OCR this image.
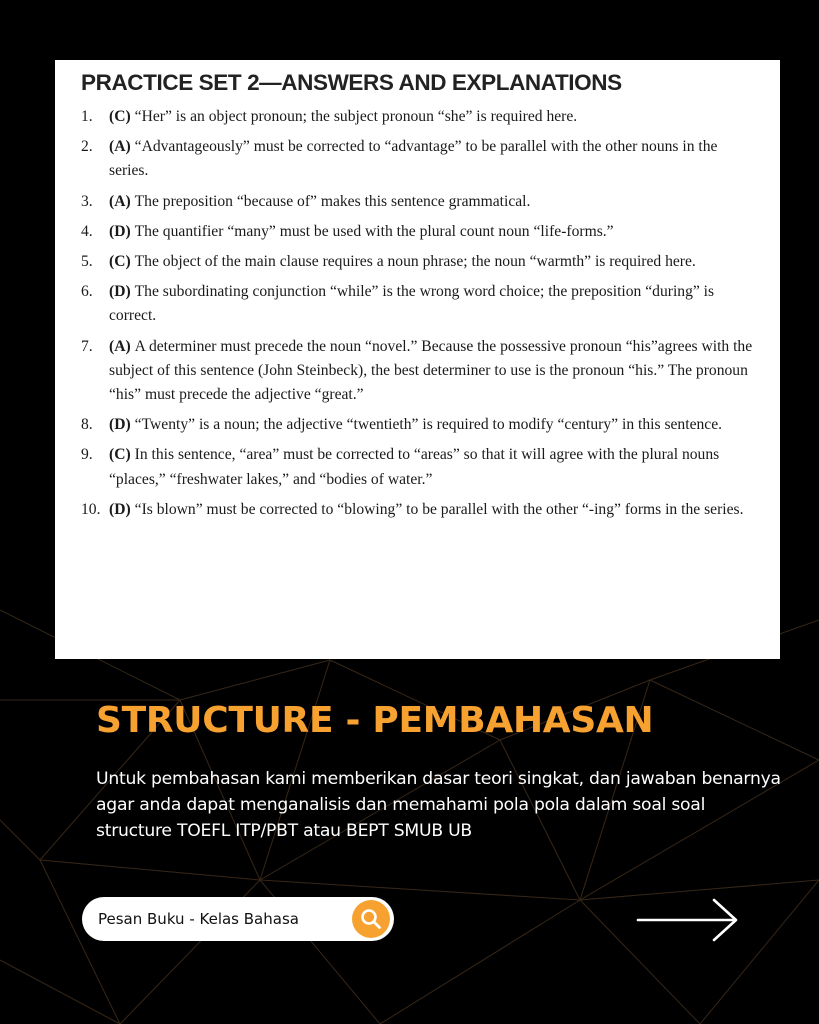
PRACTICE SET 2—ANSWERS AND EXPLANATIONS
1.	(C) “Her” is an object pronoun; the subject pronoun “she” is required here.
2.	(A) “Advantageously” must be corrected to “advantage” to be parallel with the other nouns in the series.
3.	(A) The preposition “because of” makes this sentence grammatical.
4.	(D) The quantifier “many” must be used with the plural count noun “life-forms.”
5.	(C) The object of the main clause requires a noun phrase; the noun “warmth” is required here.
6.	(D) The subordinating conjunction “while” is the wrong word choice; the preposition “during” is correct.
7.	(A) A determiner must precede the noun “novel.” Because the possessive pronoun “his”agrees with the subject of this sentence (John Steinbeck), the best determiner to use is the pronoun “his.” The pronoun “his” must precede the adjective “great.”
8.	(D) “Twenty” is a noun; the adjective “twentieth” is required to modify “century” in this sentence.
9.	(C) In this sentence, “area” must be corrected to “areas” so that it will agree with the plural nouns “places,” “freshwater lakes,” and “bodies of water.”
10. (D) “Is blown” must be corrected to “blowing” to be parallel with the other “-ing” forms in the series.
STRUCTURE - PEMBAHASAN

Untuk pembahasan kami memberikan dasar teori singkat, dan jawaban benarnya agar anda dapat menganalisis dan memahami pola pola dalam soal soal structure TOEFL ITP/PBT atau BEPT SMUB UB

Pesan Buku - Kelas Bahasa
